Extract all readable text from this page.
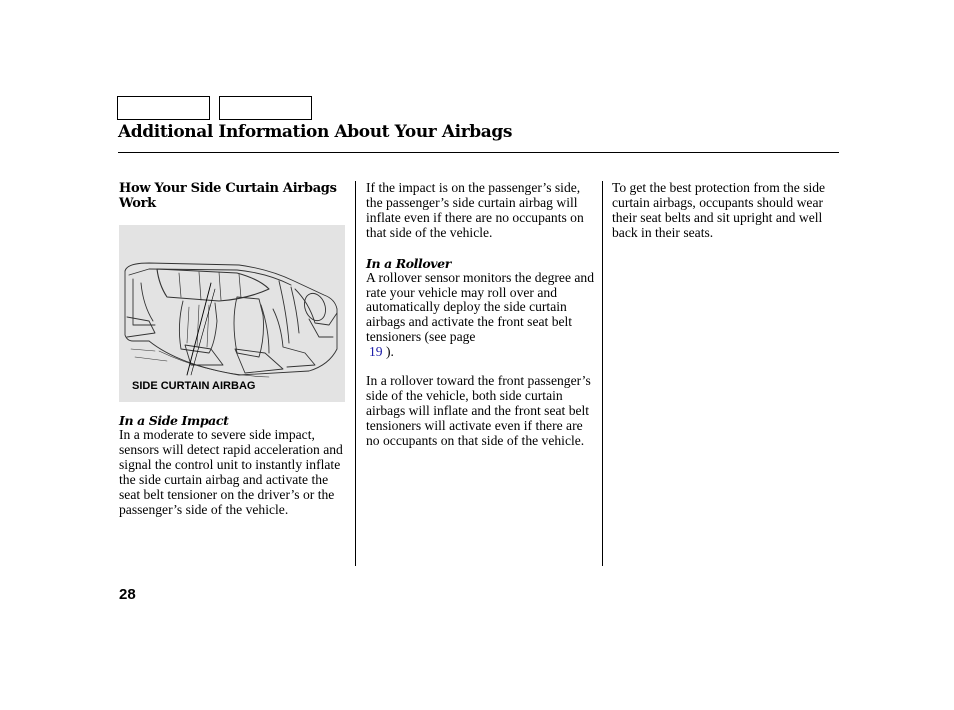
Additional Information About Your Airbags
How Your Side Curtain Airbags Work
SIDE CURTAIN AIRBAG

In a Side Impact

In a moderate to severe side impact, sensors will detect rapid acceleration and signal the control unit to instantly inflate the side curtain airbag and activate the seat belt tensioner on the driver’s or the passenger’s side of the vehicle.

If the impact is on the passenger’s side, the passenger’s side curtain airbag will inflate even if there are no occupants on that side of the vehicle.

In a Rollover

A rollover sensor monitors the degree and rate your vehicle may roll over and automatically deploy the side curtain airbags and activate the front seat belt tensioners (see page
19 ).

In a rollover toward the front passenger’s side of the vehicle, both side curtain airbags will inflate and the front seat belt tensioners will activate even if there are no occupants on that side of the vehicle.

To get the best protection from the side curtain airbags, occupants should wear their seat belts and sit upright and well back in their seats.

28
